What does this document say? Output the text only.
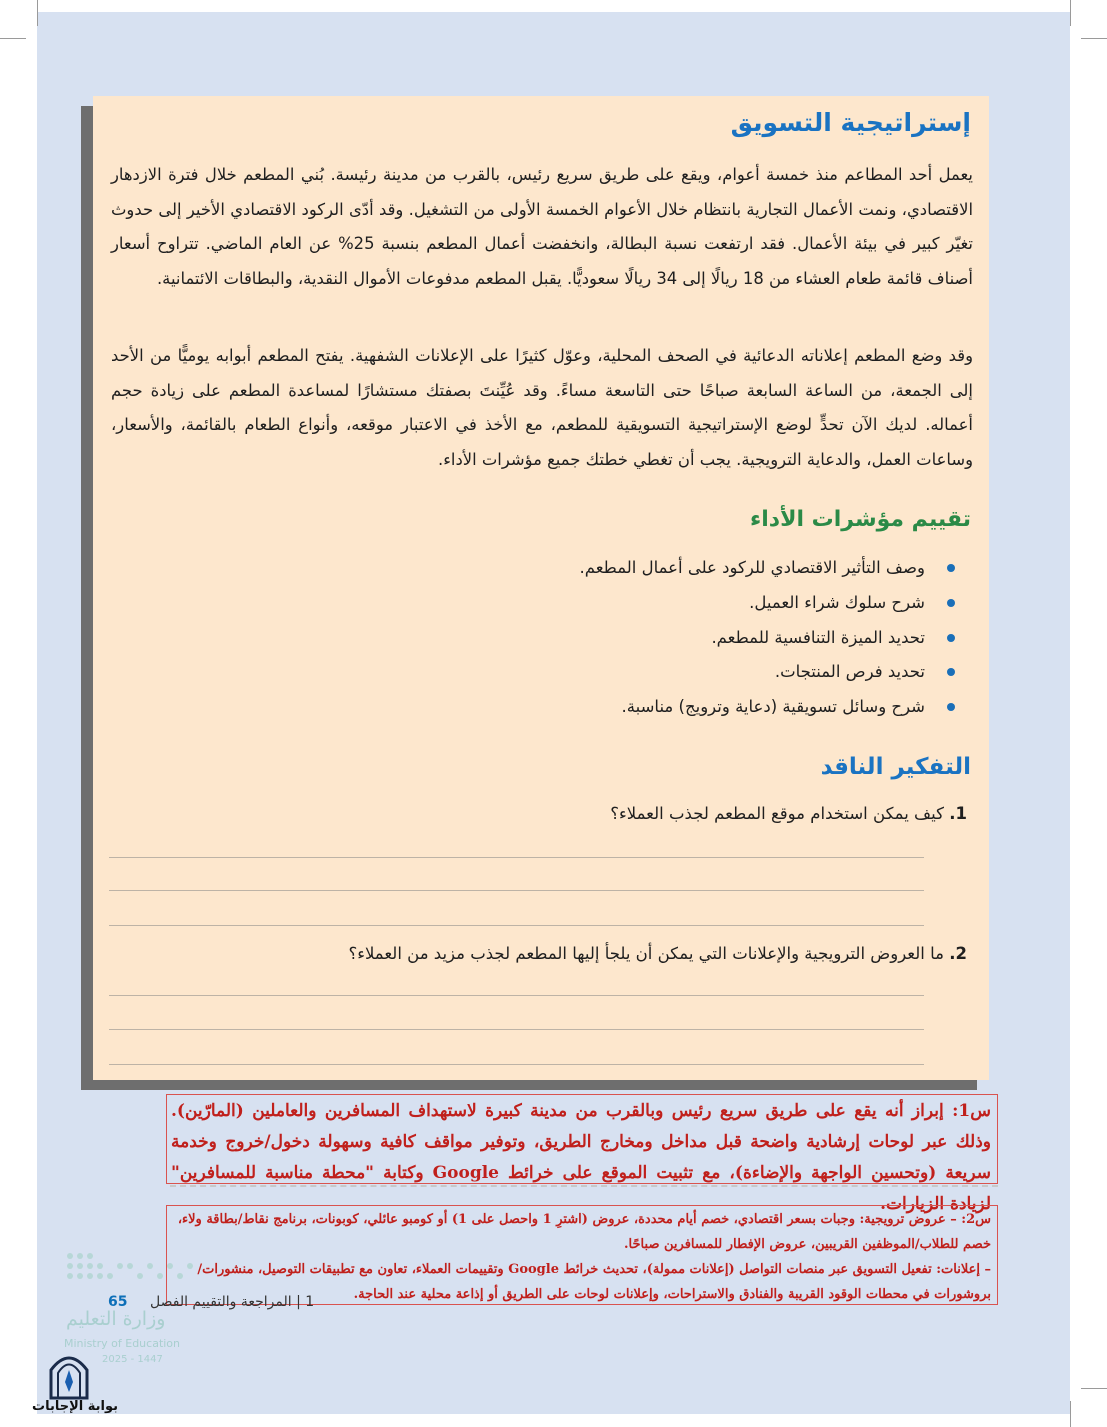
إستراتيجية التسويق

يعمل أحد المطاعم منذ خمسة أعوام، ويقع على طريق سريع رئيس، بالقرب من مدينة رئيسة. بُني المطعم خلال فترة الازدهار الاقتصادي، ونمت الأعمال التجارية بانتظام خلال الأعوام الخمسة الأولى من التشغيل. وقد أدّى الركود الاقتصادي الأخير إلى حدوث تغيّر كبير في بيئة الأعمال. فقد ارتفعت نسبة البطالة، وانخفضت أعمال المطعم بنسبة 25% عن العام الماضي. تتراوح أسعار أصناف قائمة طعام العشاء من 18 ريالًا إلى 34 ريالًا سعوديًّا. يقبل المطعم مدفوعات الأموال النقدية، والبطاقات الائتمانية.

وقد وضع المطعم إعلاناته الدعائية في الصحف المحلية، وعوّل كثيرًا على الإعلانات الشفهية. يفتح المطعم أبوابه يوميًّا من الأحد إلى الجمعة، من الساعة السابعة صباحًا حتى التاسعة مساءً. وقد عُيِّنتَ بصفتك مستشارًا لمساعدة المطعم على زيادة حجم أعماله. لديك الآن تحدٍّ لوضع الإستراتيجية التسويقية للمطعم، مع الأخذ في الاعتبار موقعه، وأنواع الطعام بالقائمة، والأسعار، وساعات العمل، والدعاية الترويجية. يجب أن تغطي خطتك جميع مؤشرات الأداء.

تقييم مؤشرات الأداء
وصف التأثير الاقتصادي للركود على أعمال المطعم.
شرح سلوك شراء العميل.
تحديد الميزة التنافسية للمطعم.
تحديد فرص المنتجات.
شرح وسائل تسويقية (دعاية وترويج) مناسبة.
التفكير الناقد
1. كيف يمكن استخدام موقع المطعم لجذب العملاء؟
2. ما العروض الترويجية والإعلانات التي يمكن أن يلجأ إليها المطعم لجذب مزيد من العملاء؟
س1: إبراز أنه يقع على طريق سريع رئيس وبالقرب من مدينة كبيرة لاستهداف المسافرين والعاملين (المارّين). وذلك عبر لوحات إرشادية واضحة قبل مداخل ومخارج الطريق، وتوفير مواقف كافية وسهولة دخول/خروج وخدمة سريعة (وتحسين الواجهة والإضاءة)، مع تثبيت الموقع على خرائط Google وكتابة "محطة مناسبة للمسافرين" لزيادة الزيارات.
س2: – عروض ترويجية: وجبات بسعر اقتصادي، خصم أيام محددة، عروض (اشترِ 1 واحصل على 1) أو كومبو عائلي، كوبونات، برنامج نقاط/بطاقة ولاء، خصم للطلاب/الموظفين القريبين، عروض الإفطار للمسافرين صباحًا.
– إعلانات: تفعيل التسويق عبر منصات التواصل (إعلانات ممولة)، تحديث خرائط Google وتقييمات العملاء، تعاون مع تطبيقات التوصيل، منشورات/بروشورات في محطات الوقود القريبة والفنادق والاستراحات، وإعلانات لوحات على الطريق أو إذاعة محلية عند الحاجة.
وزارة التعليم
Ministry of Education
2025 - 1447
65	1 | المراجعة والتقييم الفصل
بوابة الإجابات
